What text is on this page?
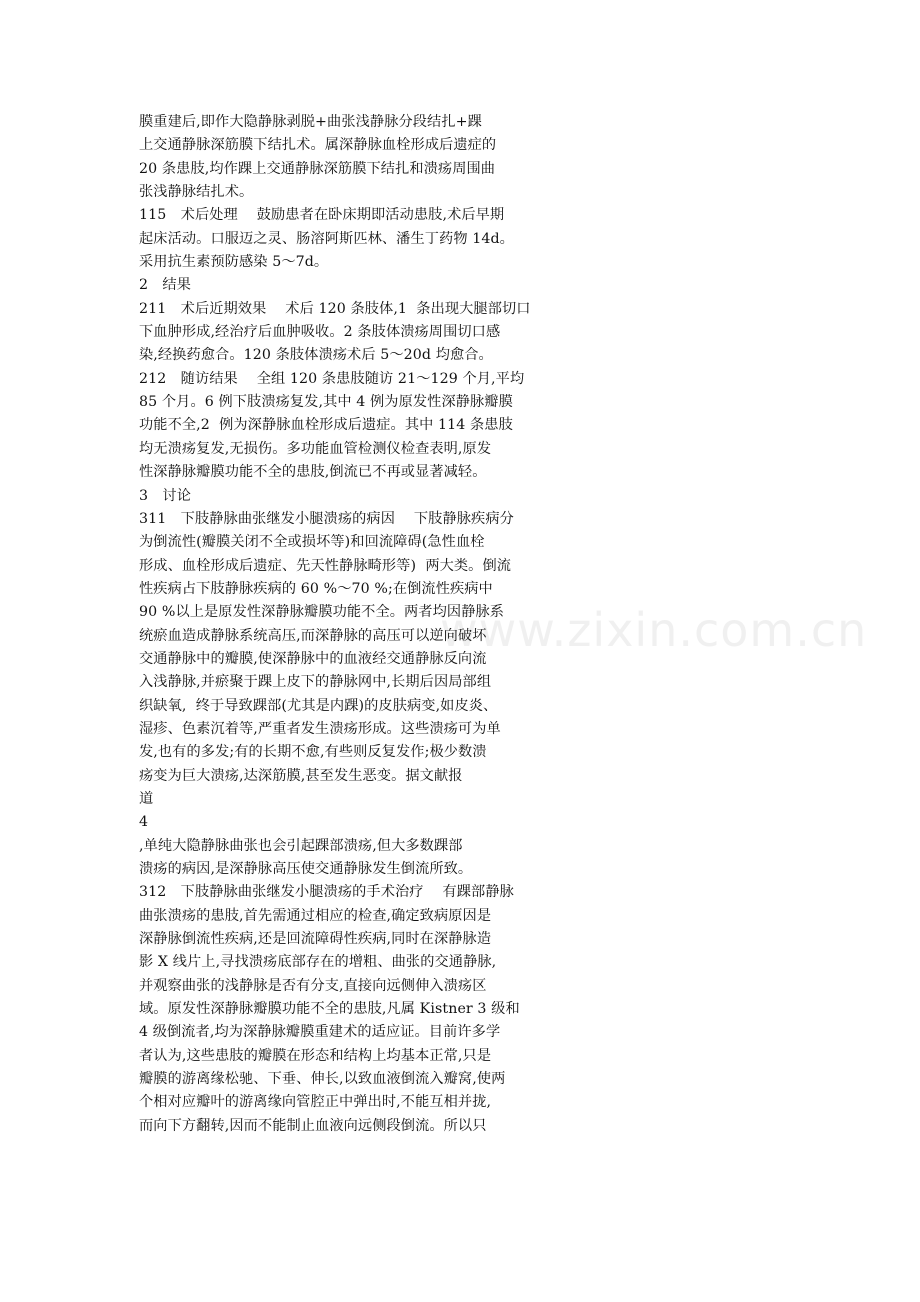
www.zixin.com.cn
膜重建后,即作大隐静脉剥脱+曲张浅静脉分段结扎+踝
上交通静脉深筋膜下结扎术。属深静脉血栓形成后遗症的
20 条患肢,均作踝上交通静脉深筋膜下结扎和溃疡周围曲
张浅静脉结扎术。
115　术后处理　 鼓励患者在卧床期即活动患肢,术后早期
起床活动。口服迈之灵、肠溶阿斯匹林、潘生丁药物 14d。
采用抗生素预防感染 5～7d。
2　结果
211　术后近期效果　 术后 120 条肢体,1  条出现大腿部切口
下血肿形成,经治疗后血肿吸收。2 条肢体溃疡周围切口感
染,经换药愈合。120 条肢体溃疡术后 5～20d 均愈合。
212　随访结果　 全组 120 条患肢随访 21～129 个月,平均
85 个月。6 例下肢溃疡复发,其中 4 例为原发性深静脉瓣膜
功能不全,2  例为深静脉血栓形成后遗症。其中 114 条患肢
均无溃疡复发,无损伤。多功能血管检测仪检查表明,原发
性深静脉瓣膜功能不全的患肢,倒流已不再或显著减轻。
3　讨论
311　下肢静脉曲张继发小腿溃疡的病因　 下肢静脉疾病分
为倒流性(瓣膜关闭不全或损坏等)和回流障碍(急性血栓
形成、血栓形成后遗症、先天性静脉畸形等)  两大类。倒流
性疾病占下肢静脉疾病的 60 %～70 %;在倒流性疾病中
90 %以上是原发性深静脉瓣膜功能不全。两者均因静脉系
统瘀血造成静脉系统高压,而深静脉的高压可以逆向破坏
交通静脉中的瓣膜,使深静脉中的血液经交通静脉反向流
入浅静脉,并瘀聚于踝上皮下的静脉网中,长期后因局部组
织缺氧,  终于导致踝部(尤其是内踝)的皮肤病变,如皮炎、
湿疹、色素沉着等,严重者发生溃疡形成。这些溃疡可为单
发,也有的多发;有的长期不愈,有些则反复发作;极少数溃
疡变为巨大溃疡,达深筋膜,甚至发生恶变。据文献报
道
4
,单纯大隐静脉曲张也会引起踝部溃疡,但大多数踝部
溃疡的病因,是深静脉高压使交通静脉发生倒流所致。
312　下肢静脉曲张继发小腿溃疡的手术治疗　 有踝部静脉
曲张溃疡的患肢,首先需通过相应的检查,确定致病原因是
深静脉倒流性疾病,还是回流障碍性疾病,同时在深静脉造
影 X 线片上,寻找溃疡底部存在的增粗、曲张的交通静脉,
并观察曲张的浅静脉是否有分支,直接向远侧伸入溃疡区
域。原发性深静脉瓣膜功能不全的患肢,凡属 Kistner 3 级和
4 级倒流者,均为深静脉瓣膜重建术的适应证。目前许多学
者认为,这些患肢的瓣膜在形态和结构上均基本正常,只是
瓣膜的游离缘松驰、下垂、伸长,以致血液倒流入瓣窝,使两
个相对应瓣叶的游离缘向管腔正中弹出时,不能互相并拢,
而向下方翻转,因而不能制止血液向远侧段倒流。所以只
